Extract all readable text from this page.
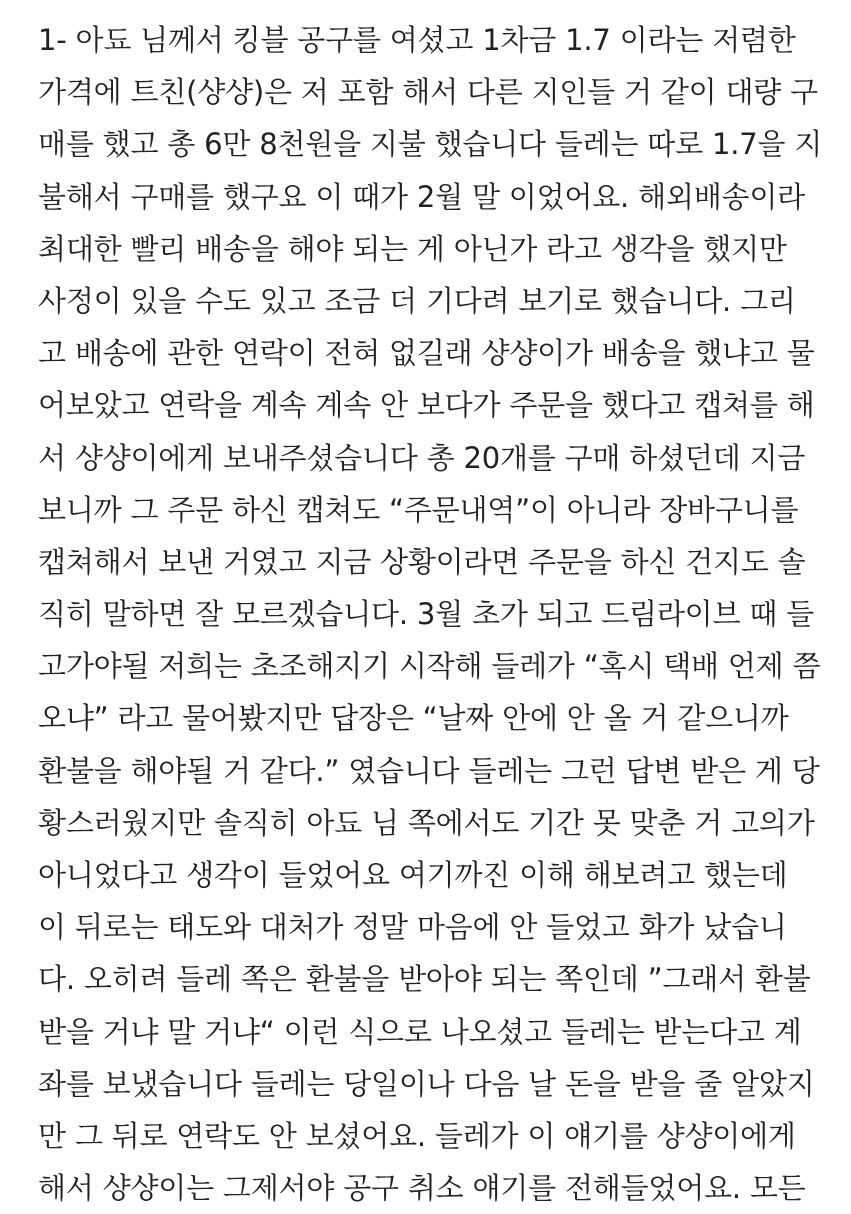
1- 아됴 님께서 킹블 공구를 여셨고 1차금 1.7 이라는 저렴한
가격에 트친(샹샹)은 저 포함 해서 다른 지인들 거 같이 대량 구
매를 했고 총 6만 8천원을 지불 했습니다 들레는 따로 1.7을 지
불해서 구매를 했구요 이 때가 2월 말 이었어요. 해외배송이라
최대한 빨리 배송을 해야 되는 게 아닌가 라고 생각을 했지만
사정이 있을 수도 있고 조금 더 기다려 보기로 했습니다. 그리
고 배송에 관한 연락이 전혀 없길래 샹샹이가 배송을 했냐고 물
어보았고 연락을 계속 계속 안 보다가 주문을 했다고 캡쳐를 해
서 샹샹이에게 보내주셨습니다 총 20개를 구매 하셨던데 지금
보니까 그 주문 하신 캡쳐도 “주문내역”이 아니라 장바구니를
캡쳐해서 보낸 거였고 지금 상황이라면 주문을 하신 건지도 솔
직히 말하면 잘 모르겠습니다. 3월 초가 되고 드림라이브 때 들
고가야될 저희는 초조해지기 시작해 들레가 “혹시 택배 언제 쯤
오냐” 라고 물어봤지만 답장은 “날짜 안에 안 올 거 같으니까
환불을 해야될 거 같다.” 였습니다 들레는 그런 답변 받은 게 당
황스러웠지만 솔직히 아됴 님 쪽에서도 기간 못 맞춘 거 고의가
아니었다고 생각이 들었어요 여기까진 이해 해보려고 했는데
이 뒤로는 태도와 대처가 정말 마음에 안 들었고 화가 났습니
다. 오히려 들레 쪽은 환불을 받아야 되는 쪽인데 ”그래서 환불
받을 거냐 말 거냐“ 이런 식으로 나오셨고 들레는 받는다고 계
좌를 보냈습니다 들레는 당일이나 다음 날 돈을 받을 줄 알았지
만 그 뒤로 연락도 안 보셨어요. 들레가 이 얘기를 샹샹이에게
해서 샹샹이는 그제서야 공구 취소 얘기를 전해들었어요. 모든
